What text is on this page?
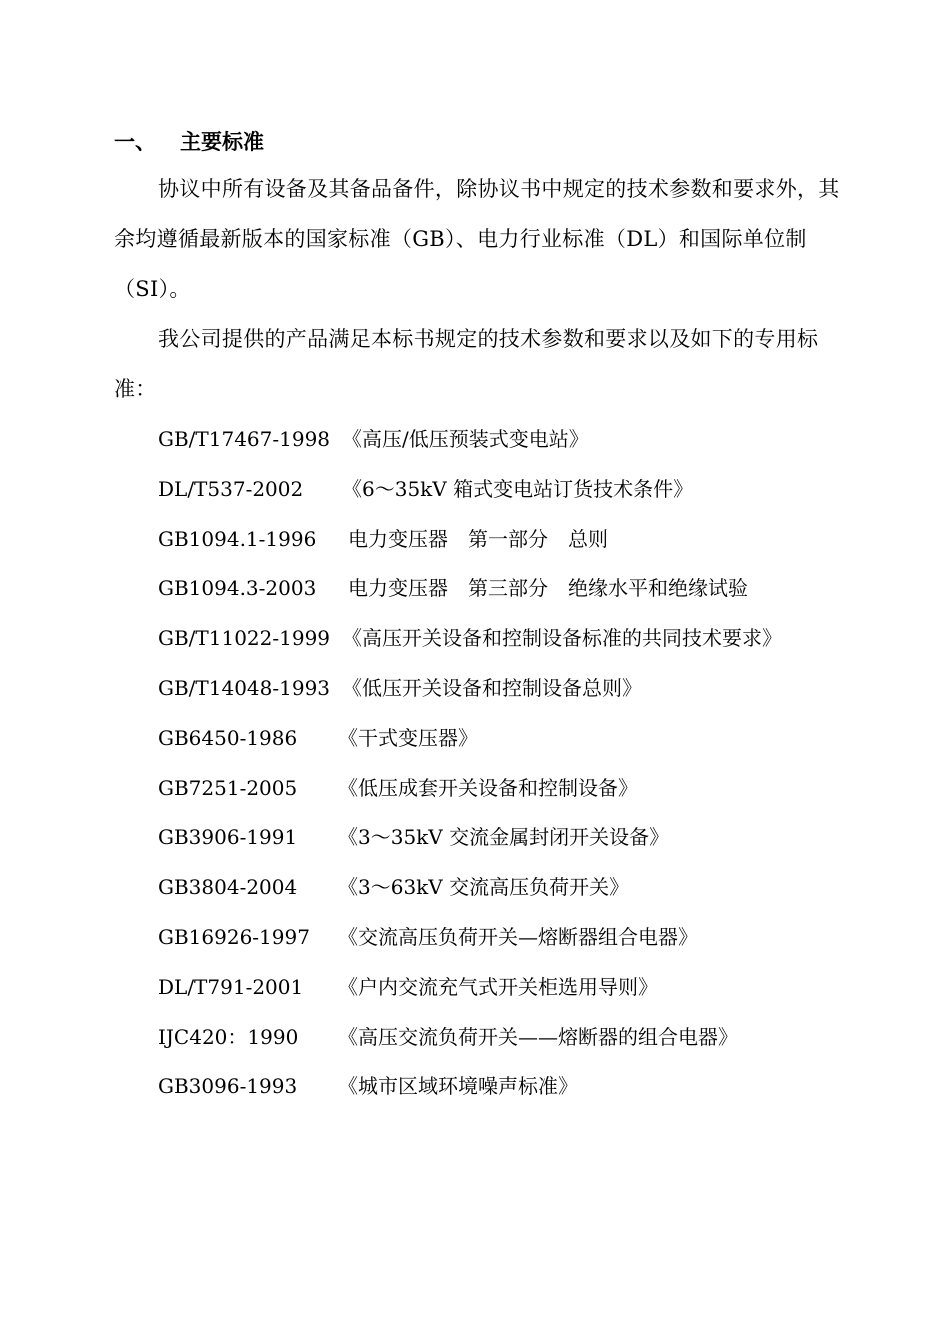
一、 主要标准

协议中所有设备及其备品备件，除协议书中规定的技术参数和要求外，其余均遵循最新版本的国家标准（GB）、电力行业标准（DL）和国际单位制（SI）。

我公司提供的产品满足本标书规定的技术参数和要求以及如下的专用标准：

GB/T17467-1998 《高压/低压预装式变电站》
DL/T537-2002 《6～35kV 箱式变电站订货技术条件》
GB1094.1-1996 电力变压器　第一部分　总则
GB1094.3-2003 电力变压器　第三部分　绝缘水平和绝缘试验
GB/T11022-1999 《高压开关设备和控制设备标准的共同技术要求》
GB/T14048-1993 《低压开关设备和控制设备总则》
GB6450-1986 《干式变压器》
GB7251-2005 《低压成套开关设备和控制设备》
GB3906-1991 《3～35kV 交流金属封闭开关设备》
GB3804-2004 《3～63kV 交流高压负荷开关》
GB16926-1997 《交流高压负荷开关—熔断器组合电器》
DL/T791-2001 《户内交流充气式开关柜选用导则》
IJC420：1990 《高压交流负荷开关——熔断器的组合电器》
GB3096-1993 《城市区域环境噪声标准》
